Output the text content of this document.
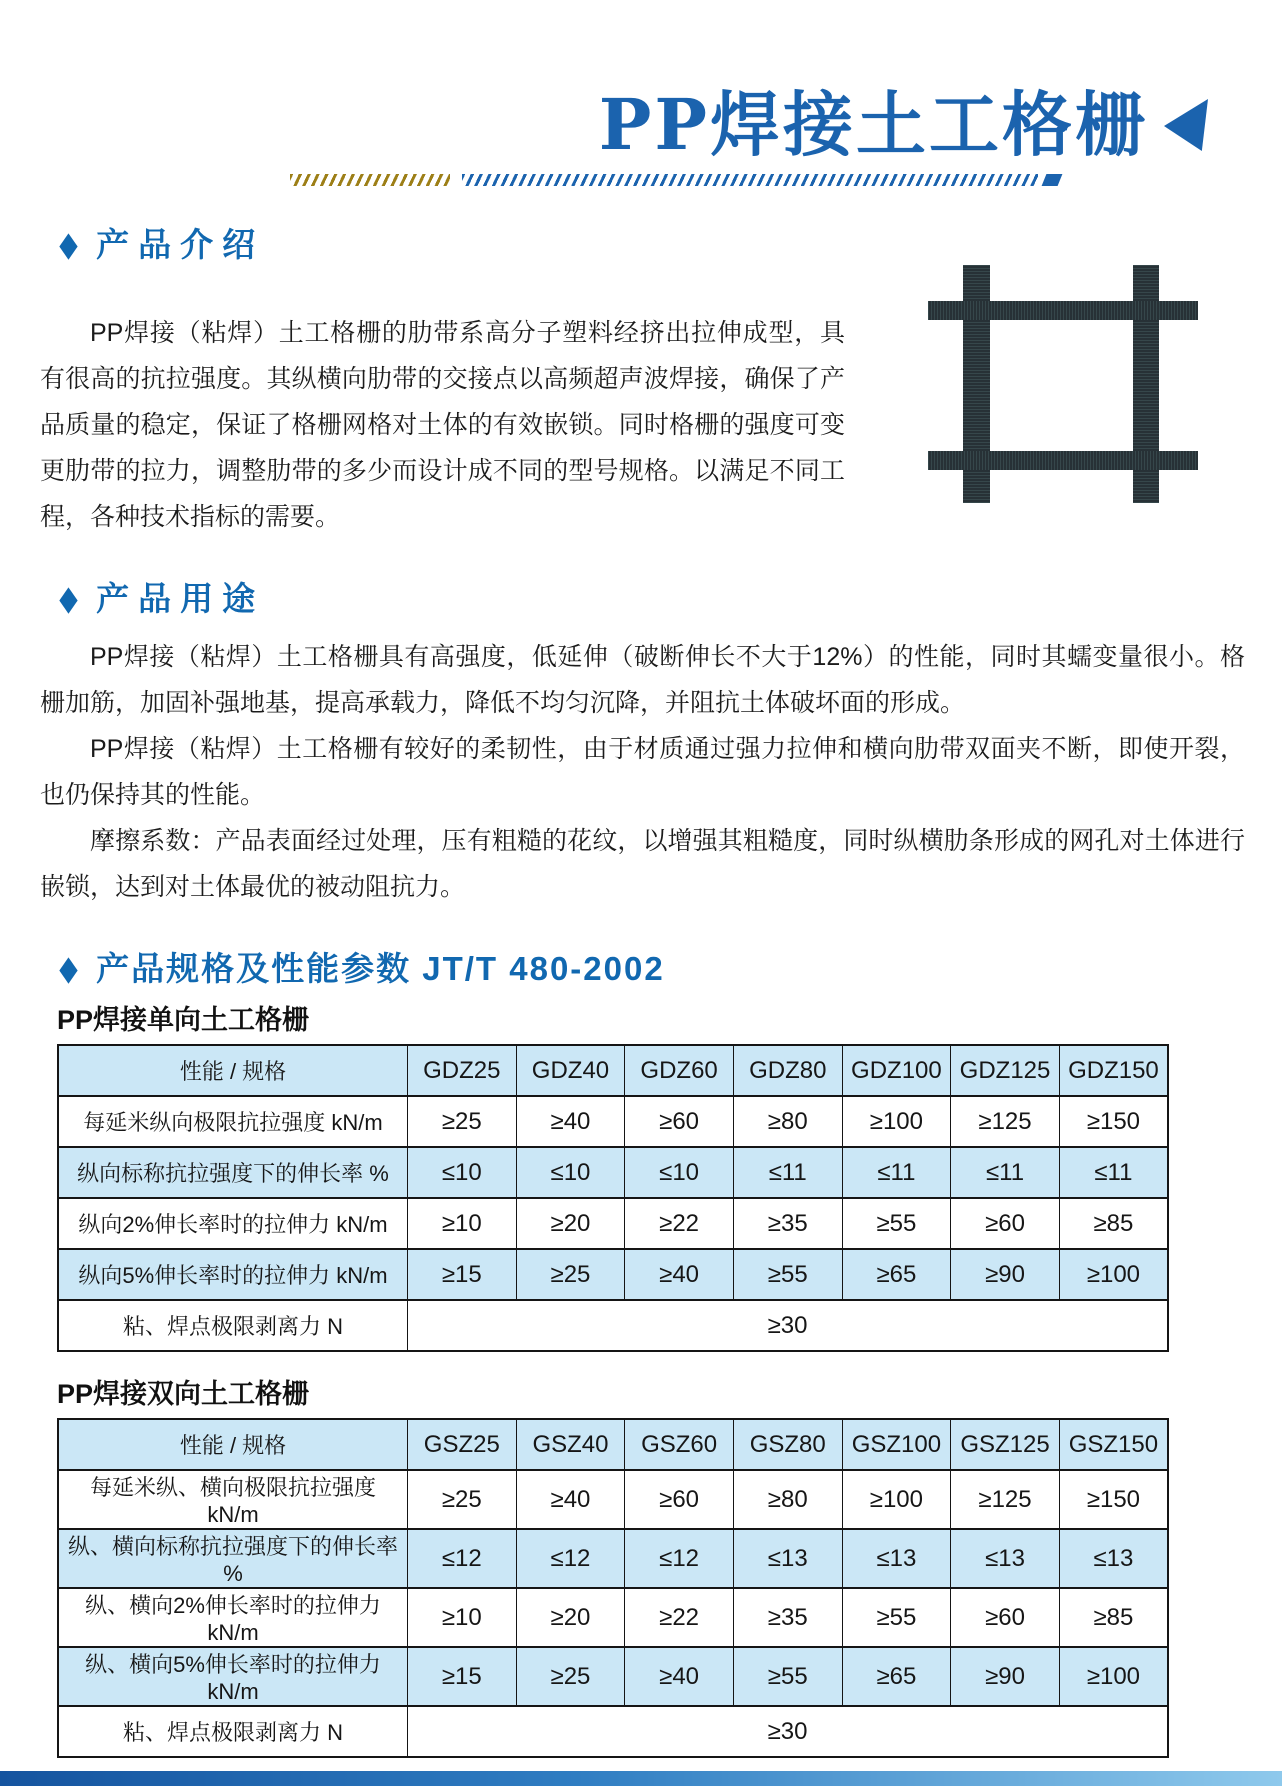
PP焊接土工格栅
◆ 产品介绍

PP焊接（粘焊）土工格栅的肋带系高分子塑料经挤出拉伸成型，具有很高的抗拉强度。其纵横向肋带的交接点以高频超声波焊接，确保了产品质量的稳定，保证了格栅网格对土体的有效嵌锁。同时格栅的强度可变更肋带的拉力，调整肋带的多少而设计成不同的型号规格。以满足不同工程，各种技术指标的需要。

◆ 产品用途

PP焊接（粘焊）土工格栅具有高强度，低延伸（破断伸长不大于12%）的性能，同时其蠕变量很小。格栅加筋，加固补强地基，提高承载力，降低不均匀沉降，并阻抗土体破坏面的形成。

PP焊接（粘焊）土工格栅有较好的柔韧性，由于材质通过强力拉伸和横向肋带双面夹不断，即使开裂，也仍保持其的性能。

摩擦系数：产品表面经过处理，压有粗糙的花纹，以增强其粗糙度，同时纵横肋条形成的网孔对土体进行嵌锁，达到对土体最优的被动阻抗力。

◆ 产品规格及性能参数 JT/T 480-2002
PP焊接单向土工格栅
性能 / 规格	GDZ25	GDZ40	GDZ60	GDZ80	GDZ100	GDZ125	GDZ150
每延米纵向极限抗拉强度 kN/m	≥25	≥40	≥60	≥80	≥100	≥125	≥150
纵向标称抗拉强度下的伸长率 %	≤10	≤10	≤10	≤11	≤11	≤11	≤11
纵向2%伸长率时的拉伸力 kN/m	≥10	≥20	≥22	≥35	≥55	≥60	≥85
纵向5%伸长率时的拉伸力 kN/m	≥15	≥25	≥40	≥55	≥65	≥90	≥100
粘、焊点极限剥离力 N	≥30						
PP焊接双向土工格栅
性能 / 规格	GSZ25	GSZ40	GSZ60	GSZ80	GSZ100	GSZ125	GSZ150
每延米纵、横向极限抗拉强度 kN/m	≥25	≥40	≥60	≥80	≥100	≥125	≥150
纵、横向标称抗拉强度下的伸长率 %	≤12	≤12	≤12	≤13	≤13	≤13	≤13
纵、横向2%伸长率时的拉伸力 kN/m	≥10	≥20	≥22	≥35	≥55	≥60	≥85
纵、横向5%伸长率时的拉伸力 kN/m	≥15	≥25	≥40	≥55	≥65	≥90	≥100
粘、焊点极限剥离力 N	≥30						
